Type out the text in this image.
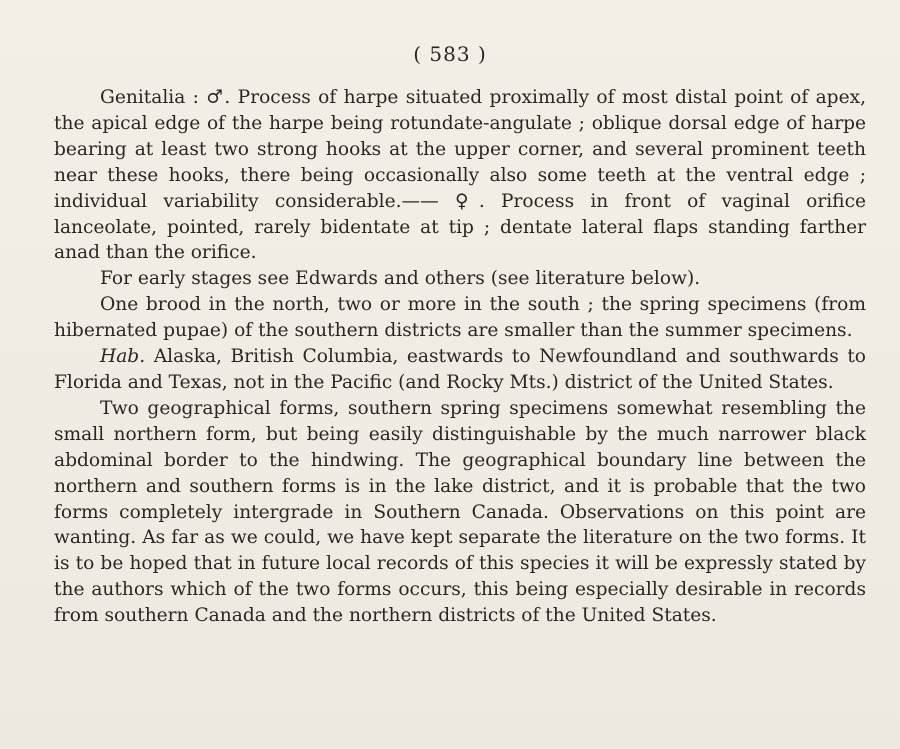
( 583 )

Genitalia : ♂. Process of harpe situated proximally of most distal point of apex, the apical edge of the harpe being rotundate-angulate ; oblique dorsal edge of harpe bearing at least two strong hooks at the upper corner, and several prominent teeth near these hooks, there being occasionally also some teeth at the ventral edge ; individual variability considerable.—— ♀. Process in front of vaginal orifice lanceolate, pointed, rarely bidentate at tip ; dentate lateral flaps standing farther anad than the orifice.

For early stages see Edwards and others (see literature below).

One brood in the north, two or more in the south ; the spring specimens (from hibernated pupae) of the southern districts are smaller than the summer specimens.

Hab. Alaska, British Columbia, eastwards to Newfoundland and southwards to Florida and Texas, not in the Pacific (and Rocky Mts.) district of the United States.

Two geographical forms, southern spring specimens somewhat resembling the small northern form, but being easily distinguishable by the much narrower black abdominal border to the hindwing. The geographical boundary line between the northern and southern forms is in the lake district, and it is probable that the two forms completely intergrade in Southern Canada. Observations on this point are wanting. As far as we could, we have kept separate the literature on the two forms. It is to be hoped that in future local records of this species it will be expressly stated by the authors which of the two forms occurs, this being especially desirable in records from southern Canada and the northern districts of the United States.
